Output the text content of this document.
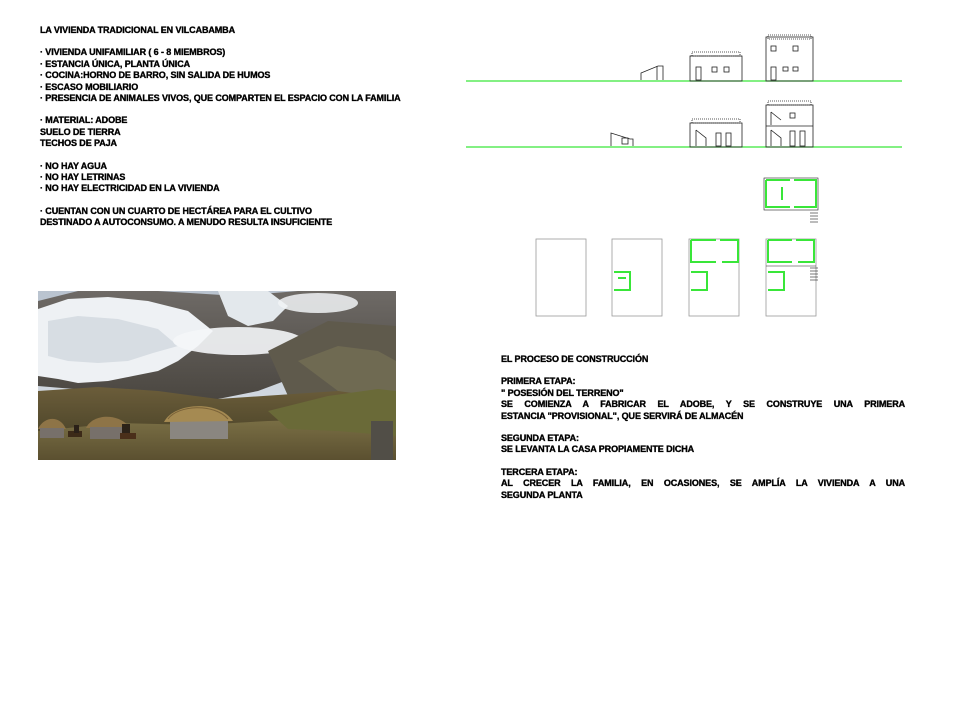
LA VIVIENDA TRADICIONAL EN VILCABAMBA
· VIVIENDA UNIFAMILIAR ( 6 - 8 MIEMBROS)
· ESTANCIA ÚNICA, PLANTA ÚNICA
· COCINA:HORNO DE BARRO, SIN SALIDA DE HUMOS
· ESCASO MOBILIARIO
· PRESENCIA DE ANIMALES VIVOS, QUE COMPARTEN EL ESPACIO CON LA FAMILIA
· MATERIAL: ADOBE
SUELO DE TIERRA
TECHOS DE PAJA
· NO HAY AGUA
· NO HAY LETRINAS
· NO HAY ELECTRICIDAD EN LA VIVIENDA
· CUENTAN CON UN CUARTO DE HECTÁREA PARA EL CULTIVO
DESTINADO A AUTOCONSUMO. A MENUDO RESULTA INSUFICIENTE
EL PROCESO DE CONSTRUCCIÓN
PRIMERA ETAPA:
" POSESIÓN DEL TERRENO"
SE COMIENZA A FABRICAR EL ADOBE, Y SE CONSTRUYE UNA PRIMERA
ESTANCIA "PROVISIONAL", QUE SERVIRÁ DE ALMACÉN
SEGUNDA ETAPA:
SE LEVANTA LA CASA PROPIAMENTE DICHA
TERCERA ETAPA:
AL CRECER LA FAMILIA, EN OCASIONES, SE AMPLÍA LA VIVIENDA A UNA
SEGUNDA PLANTA
